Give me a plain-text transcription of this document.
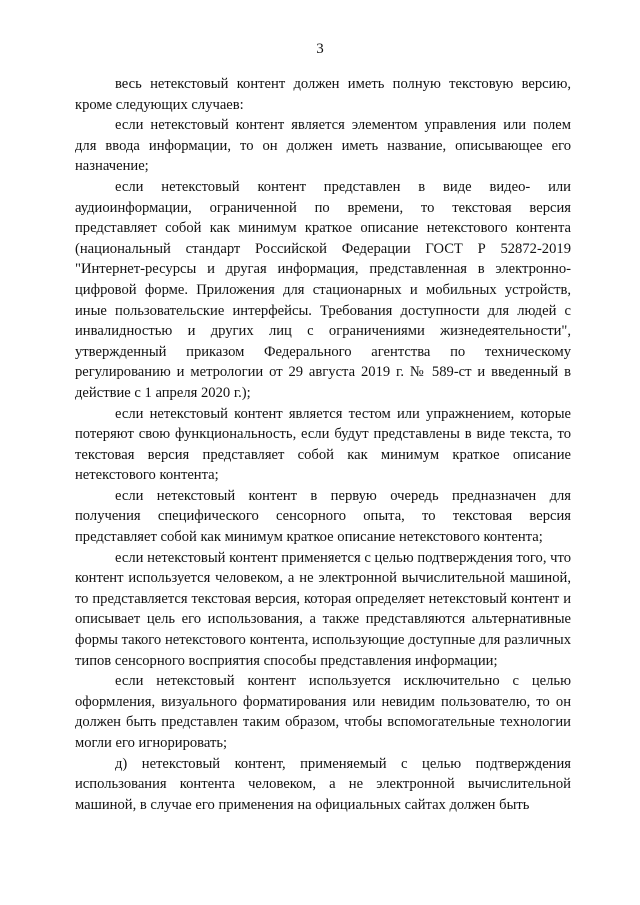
3

весь нетекстовый контент должен иметь полную текстовую версию, кроме следующих случаев:

если нетекстовый контент является элементом управления или полем для ввода информации, то он должен иметь название, описывающее его назначение;

если нетекстовый контент представлен в виде видео- или аудиоинформации, ограниченной по времени, то текстовая версия представляет собой как минимум краткое описание нетекстового контента (национальный стандарт Российской Федерации ГОСТ Р 52872-2019 "Интернет-ресурсы и другая информация, представленная в электронно-цифровой форме. Приложения для стационарных и мобильных устройств, иные пользовательские интерфейсы. Требования доступности для людей с инвалидностью и других лиц с ограничениями жизнедеятельности", утвержденный приказом Федерального агентства по техническому регулированию и метрологии от 29 августа 2019 г. № 589-ст и введенный в действие с 1 апреля 2020 г.);

если нетекстовый контент является тестом или упражнением, которые потеряют свою функциональность, если будут представлены в виде текста, то текстовая версия представляет собой как минимум краткое описание нетекстового контента;

если нетекстовый контент в первую очередь предназначен для получения специфического сенсорного опыта, то текстовая версия представляет собой как минимум краткое описание нетекстового контента;

если нетекстовый контент применяется с целью подтверждения того, что контент используется человеком, а не электронной вычислительной машиной, то представляется текстовая версия, которая определяет нетекстовый контент и описывает цель его использования, а также представляются альтернативные формы такого нетекстового контента, использующие доступные для различных типов сенсорного восприятия способы представления информации;

если нетекстовый контент используется исключительно с целью оформления, визуального форматирования или невидим пользователю, то он должен быть представлен таким образом, чтобы вспомогательные технологии могли его игнорировать;

д) нетекстовый контент, применяемый с целью подтверждения использования контента человеком, а не электронной вычислительной машиной, в случае его применения на официальных сайтах должен быть
